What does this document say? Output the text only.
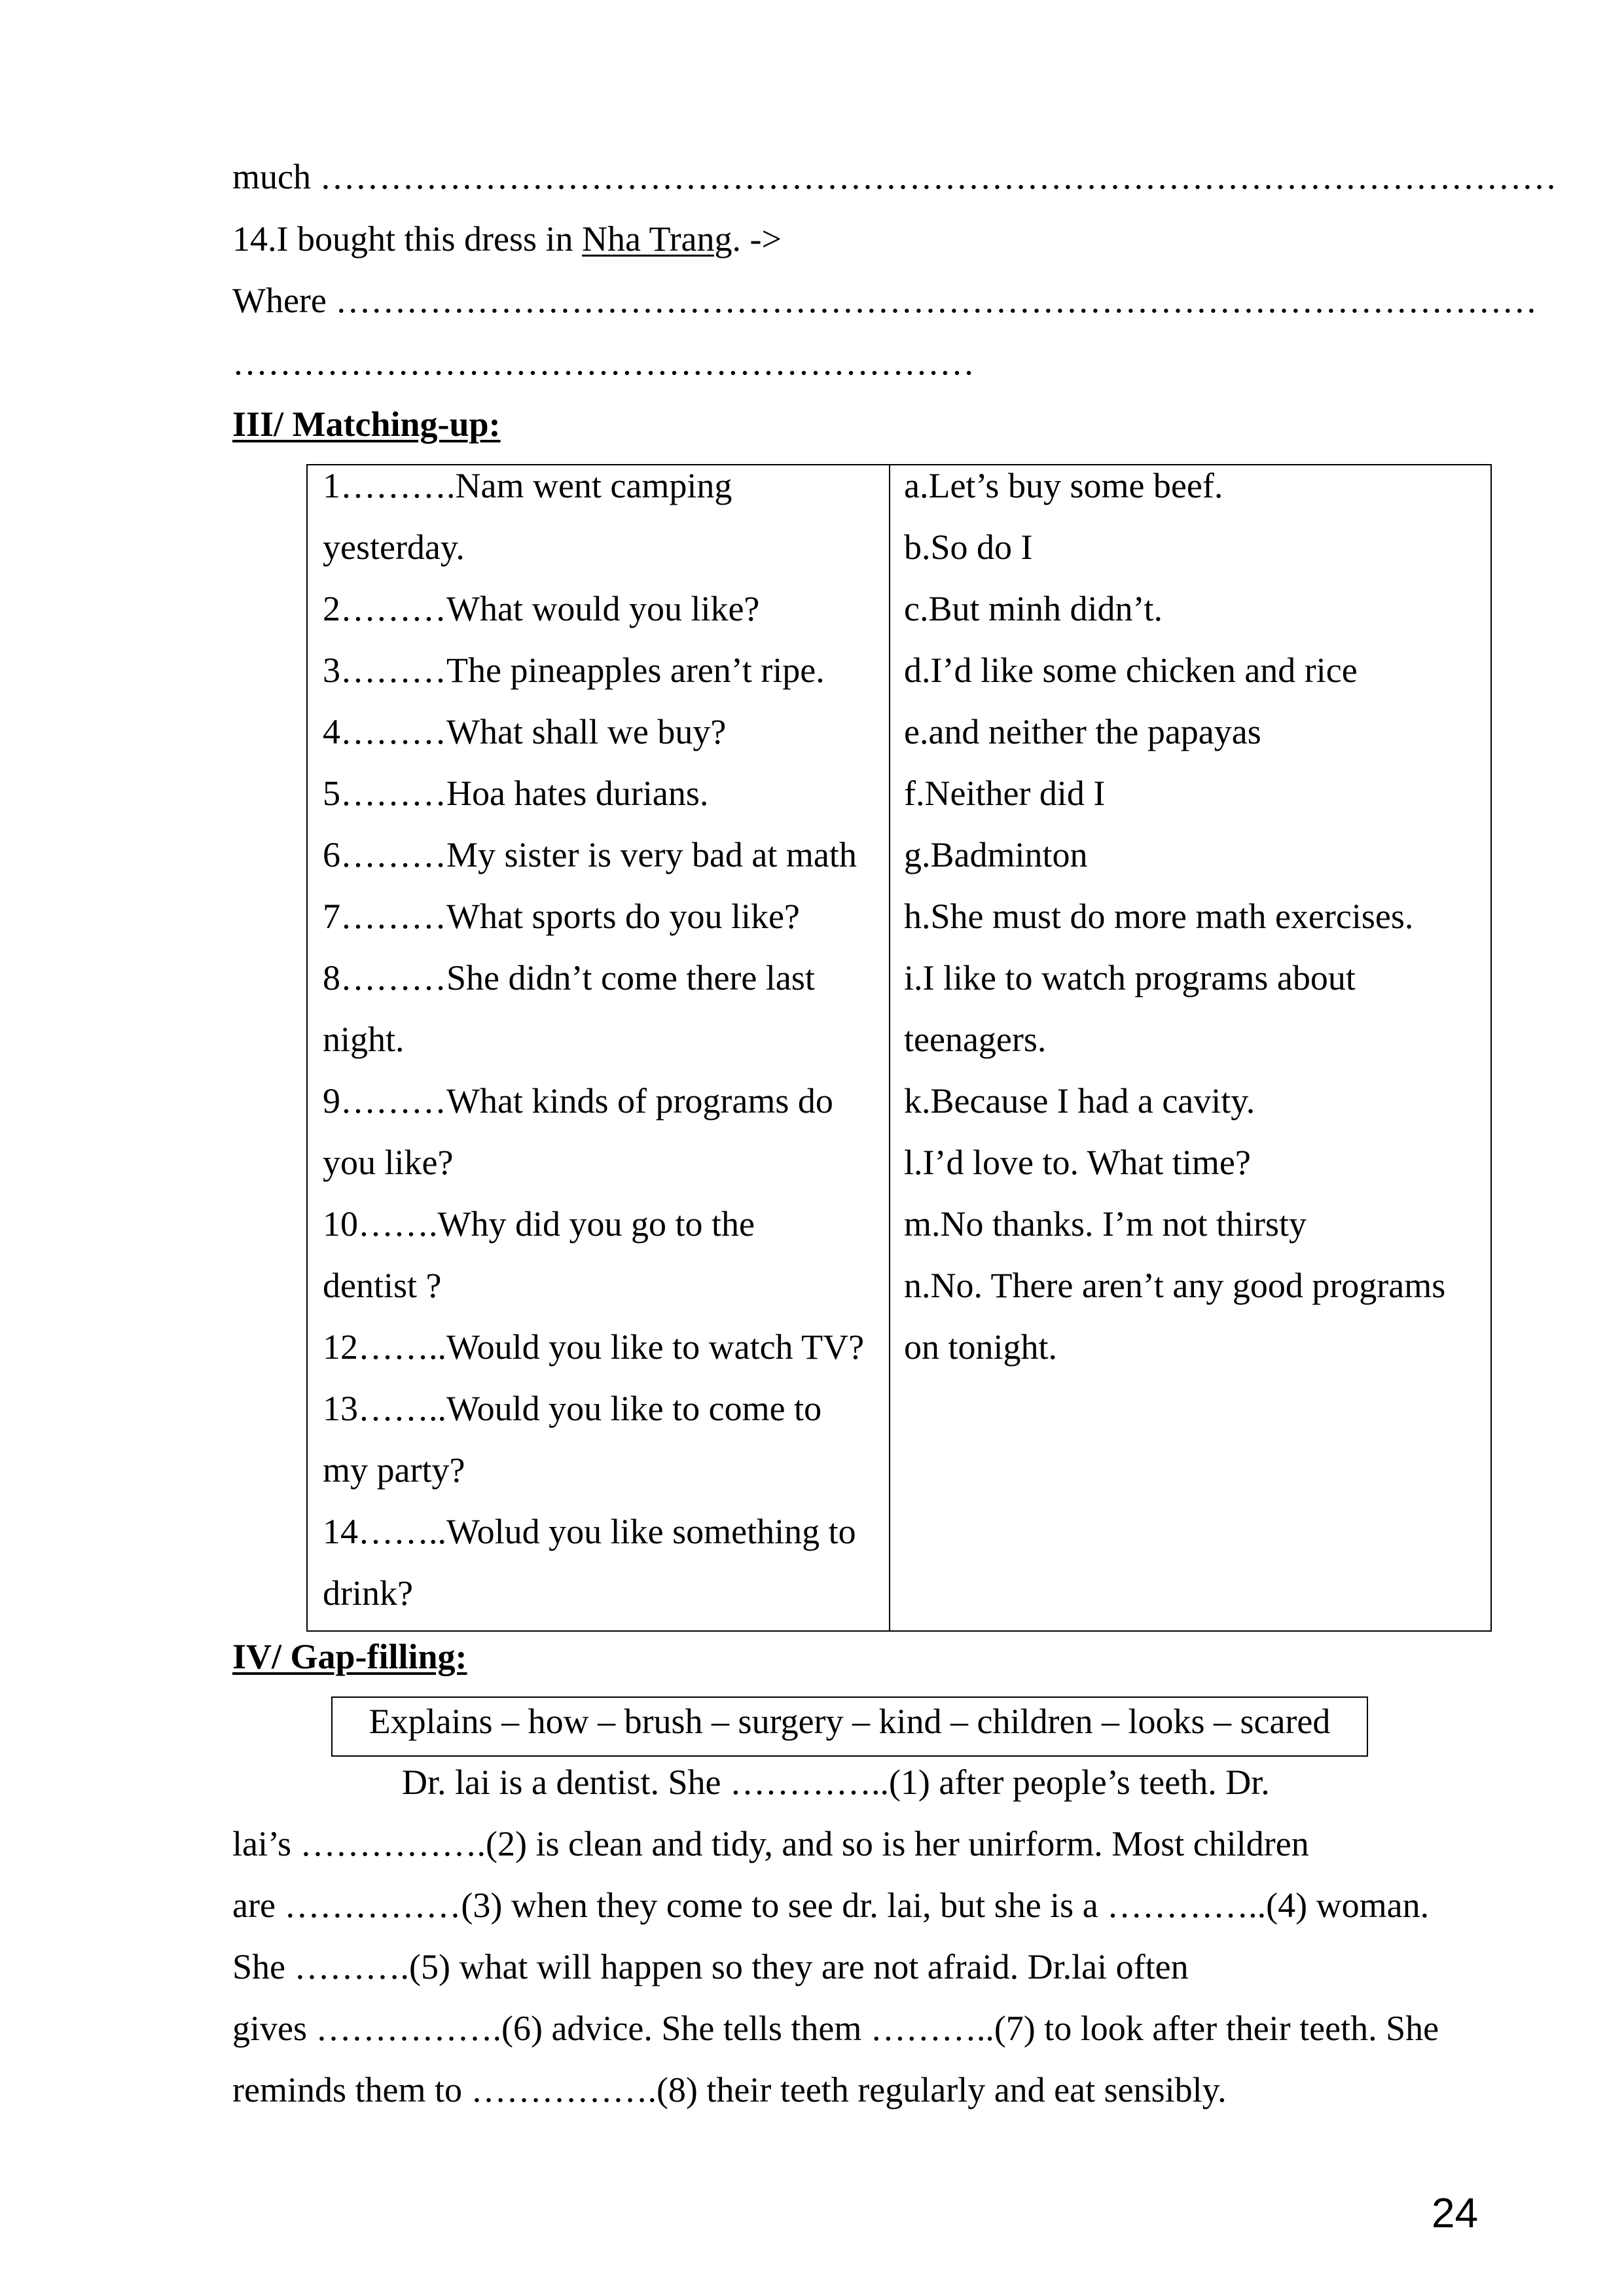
much ……………………………………………………………………………………………
14.I bought this dress in Nha Trang. ->
Where …………………………………………………………………………………………
………………………………………………………
III/ Matching-up:
1……….Nam went camping
yesterday.
2………What would you like?
3………The pineapples aren’t ripe.
4………What shall we buy?
5………Hoa hates durians.
6………My sister is very bad at math
7………What sports do you like?
8………She didn’t come there last
night.
9………What kinds of programs do
you like?
10…….Why did you go to the
dentist ?
12……..Would you like to watch TV?
13……..Would you like to come to
my party?
14……..Wolud you like something to
drink?
a.Let’s buy some beef.
b.So do I
c.But minh didn’t.
d.I’d like some chicken and rice
e.and neither the papayas
f.Neither did I
g.Badminton
h.She must do more math exercises.
i.I like to watch programs about
teenagers.
k.Because I had a cavity.
l.I’d love to. What time?
m.No thanks. I’m not thirsty
n.No. There aren’t any good programs
on tonight.
IV/ Gap-filling:
Explains – how – brush – surgery – kind – children – looks – scared
Dr. lai is a dentist. She …………..(1) after people’s teeth. Dr.
lai’s …………….(2) is clean and tidy, and so is her unirform. Most children
are ……………(3) when they come to see dr. lai, but she is a …………..(4) woman.
She ……….(5) what will happen so they are not afraid. Dr.lai often
gives …………….(6) advice. She tells them ………..(7) to look after their teeth. She
reminds them to …………….(8) their teeth regularly and eat sensibly.
24
